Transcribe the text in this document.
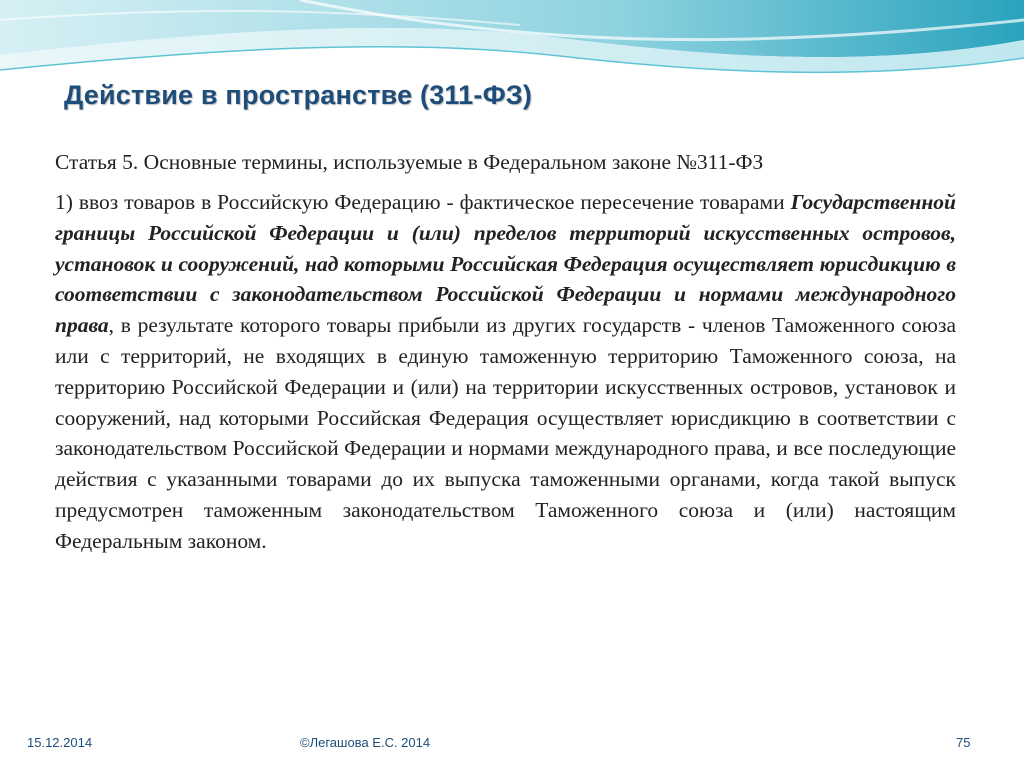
Действие в пространстве (311-ФЗ)

Статья 5. Основные термины, используемые в Федеральном законе №311-ФЗ

1) ввоз товаров в Российскую Федерацию - фактическое пересечение товарами Государственной границы Российской Федерации и (или) пределов территорий искусственных островов, установок и сооружений, над которыми Российская Федерация осуществляет юрисдикцию в соответствии с законодательством Российской Федерации и нормами международного права, в результате которого товары прибыли из других государств - членов Таможенного союза или с территорий, не входящих в единую таможенную территорию Таможенного союза, на территорию Российской Федерации и (или) на территории искусственных островов, установок и сооружений, над которыми Российская Федерация осуществляет юрисдикцию в соответствии с законодательством Российской Федерации и нормами международного права, и все последующие действия с указанными товарами до их выпуска таможенными органами, когда такой выпуск предусмотрен таможенным законодательством Таможенного союза и (или) настоящим Федеральным законом.

15.12.2014	©Легашова Е.С. 2014	75
